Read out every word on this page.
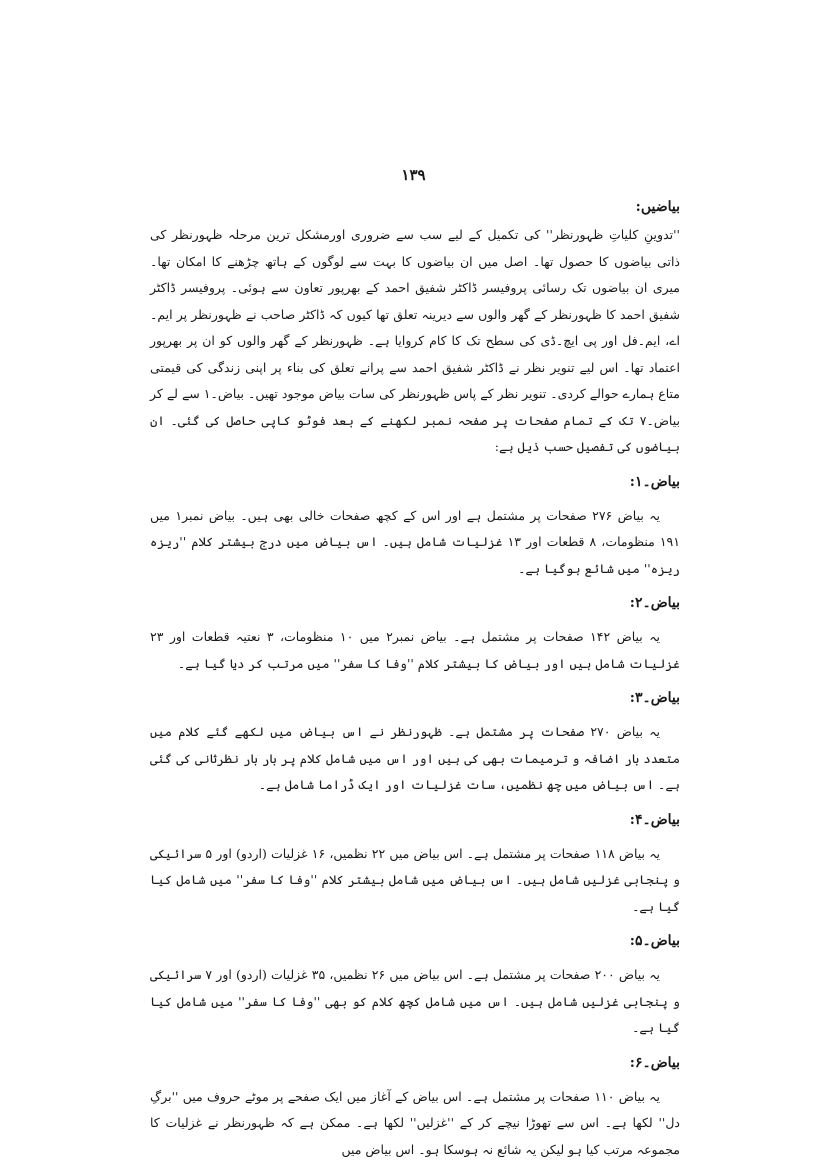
۱۳۹
بیاضیں:

''تدوینِ کلیاتِ ظہورنظر'' کی تکمیل کے لیے سب سے ضروری اورمشکل ترین مرحلہ ظہورنظر کی ذاتی بیاضوں کا حصول تھا۔ اصل میں ان بیاضوں کا بہت سے لوگوں کے ہاتھ چڑھنے کا امکان تھا۔ میری ان بیاضوں تک رسائی پروفیسر ڈاکٹر شفیق احمد کے بھرپور تعاون سے ہوئی۔ پروفیسر ڈاکٹر شفیق احمد کا ظہورنظر کے گھر والوں سے دیرینہ تعلق تھا کیوں کہ ڈاکٹر صاحب نے ظہورنظر پر ایم۔اے، ایم۔فل اور پی ایچ۔ڈی کی سطح تک کا کام کروایا ہے۔ ظہورنظر کے گھر والوں کو ان پر بھرپور اعتماد تھا۔ اس لیے تنویر نظر نے ڈاکٹر شفیق احمد سے پرانے تعلق کی بناء پر اپنی زندگی کی قیمتی متاع ہمارے حوالے کردی۔ تنویر نظر کے پاس ظہورنظر کی سات بیاض موجود تھیں۔ بیاض۔۱ سے لے کر بیاض۔۷ تک کے تمام صفحات پر صفحہ نمبر لکھنے کے بعد فوٹو کاپی حاصل کی گئی۔ ان بیاضوں کی تفصیل حسب ذیل ہے:

بیاض۔۱:

یہ بیاض ۲۷۶ صفحات پر مشتمل ہے اور اس کے کچھ صفحات خالی بھی ہیں۔ بیاض نمبر۱ میں ۱۹۱ منظومات، ۸ قطعات اور ۱۳ غزلیات شامل ہیں۔ اس بیاض میں درج بیشتر کلام ''ریزہ ریزہ'' میں شائع ہوگیا ہے۔

بیاض۔۲:

یہ بیاض ۱۴۲ صفحات پر مشتمل ہے۔ بیاض نمبر۲ میں ۱۰ منظومات، ۳ نعتیہ قطعات اور ۲۳ غزلیات شامل ہیں اور بیاض کا بیشتر کلام ''وفا کا سفر'' میں مرتب کر دیا گیا ہے۔

بیاض۔۳:

یہ بیاض ۲۷۰ صفحات پر مشتمل ہے۔ ظہورنظر نے اس بیاض میں لکھے گئے کلام میں متعدد بار اضافہ و ترمیمات بھی کی ہیں اور اس میں شامل کلام پر بار بار نظرثانی کی گئی ہے۔ اس بیاض میں چھ نظمیں، سات غزلیات اور ایک ڈراما شامل ہے۔

بیاض۔۴:

یہ بیاض ۱۱۸ صفحات پر مشتمل ہے۔ اس بیاض میں ۲۲ نظمیں، ۱۶ غزلیات (اردو) اور ۵ سرائیکی و پنجابی غزلیں شامل ہیں۔ اس بیاض میں شامل بیشتر کلام ''وفا کا سفر'' میں شامل کیا گیا ہے۔

بیاض۔۵:

یہ بیاض ۲۰۰ صفحات پر مشتمل ہے۔ اس بیاض میں ۲۶ نظمیں، ۳۵ غزلیات (اردو) اور ۷ سرائیکی و پنجابی غزلیں شامل ہیں۔ اس میں شامل کچھ کلام کو بھی ''وفا کا سفر'' میں شامل کیا گیا ہے۔

بیاض۔۶:

یہ بیاض ۱۱۰ صفحات پر مشتمل ہے۔ اس بیاض کے آغاز میں ایک صفحے پر موٹے حروف میں ''برگِ دل'' لکھا ہے۔ اس سے تھوڑا نیچے کر کے ''غزلیں'' لکھا ہے۔ ممکن ہے کہ ظہورنظر نے غزلیات کا مجموعہ مرتب کیا ہو لیکن یہ شائع نہ ہوسکا ہو۔ اس بیاض میں
